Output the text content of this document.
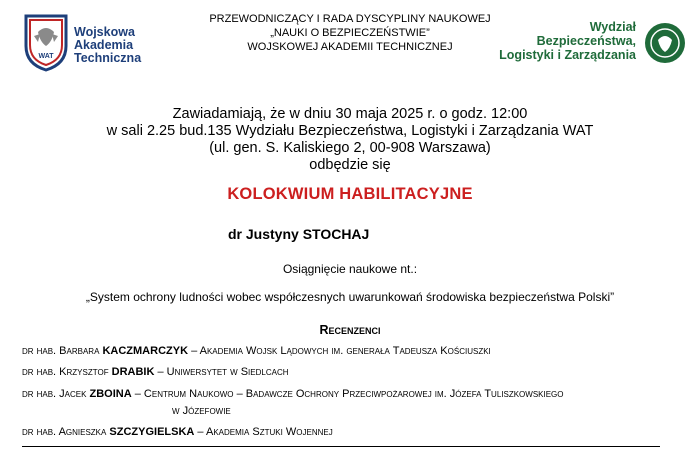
WAT
Wojskowa
Akademia
Techniczna
Wydział
Bezpieczeństwa,
Logistyki i Zarządzania
PRZEWODNICZĄCY I RADA DYSCYPLINY NAUKOWEJ
„NAUKI O BEZPIECZEŃSTWIE”
WOJSKOWEJ AKADEMII TECHNICZNEJ
Zawiadamiają, że w dniu 30 maja 2025 r. o godz. 12:00
w sali 2.25 bud.135 Wydziału Bezpieczeństwa, Logistyki i Zarządzania WAT
(ul. gen. S. Kaliskiego 2, 00-908 Warszawa)
odbędzie się
KOLOKWIUM HABILITACYJNE
dr Justyny STOCHAJ
Osiągnięcie naukowe nt.:
„System ochrony ludności wobec współczesnych uwarunkowań środowiska bezpieczeństwa Polski”
Recenzenci
dr hab. Barbara KACZMARCZYK – Akademia Wojsk Lądowych im. generała Tadeusza Kościuszki
dr hab. Krzysztof DRABIK – Uniwersytet w Siedlcach
dr hab. Jacek ZBOINA – Centrum Naukowo – Badawcze Ochrony Przeciwpożarowej im. Józefa Tuliszkowskiego
w Józefowie
dr hab. Agnieszka SZCZYGIELSKA – Akademia Sztuki Wojennej
